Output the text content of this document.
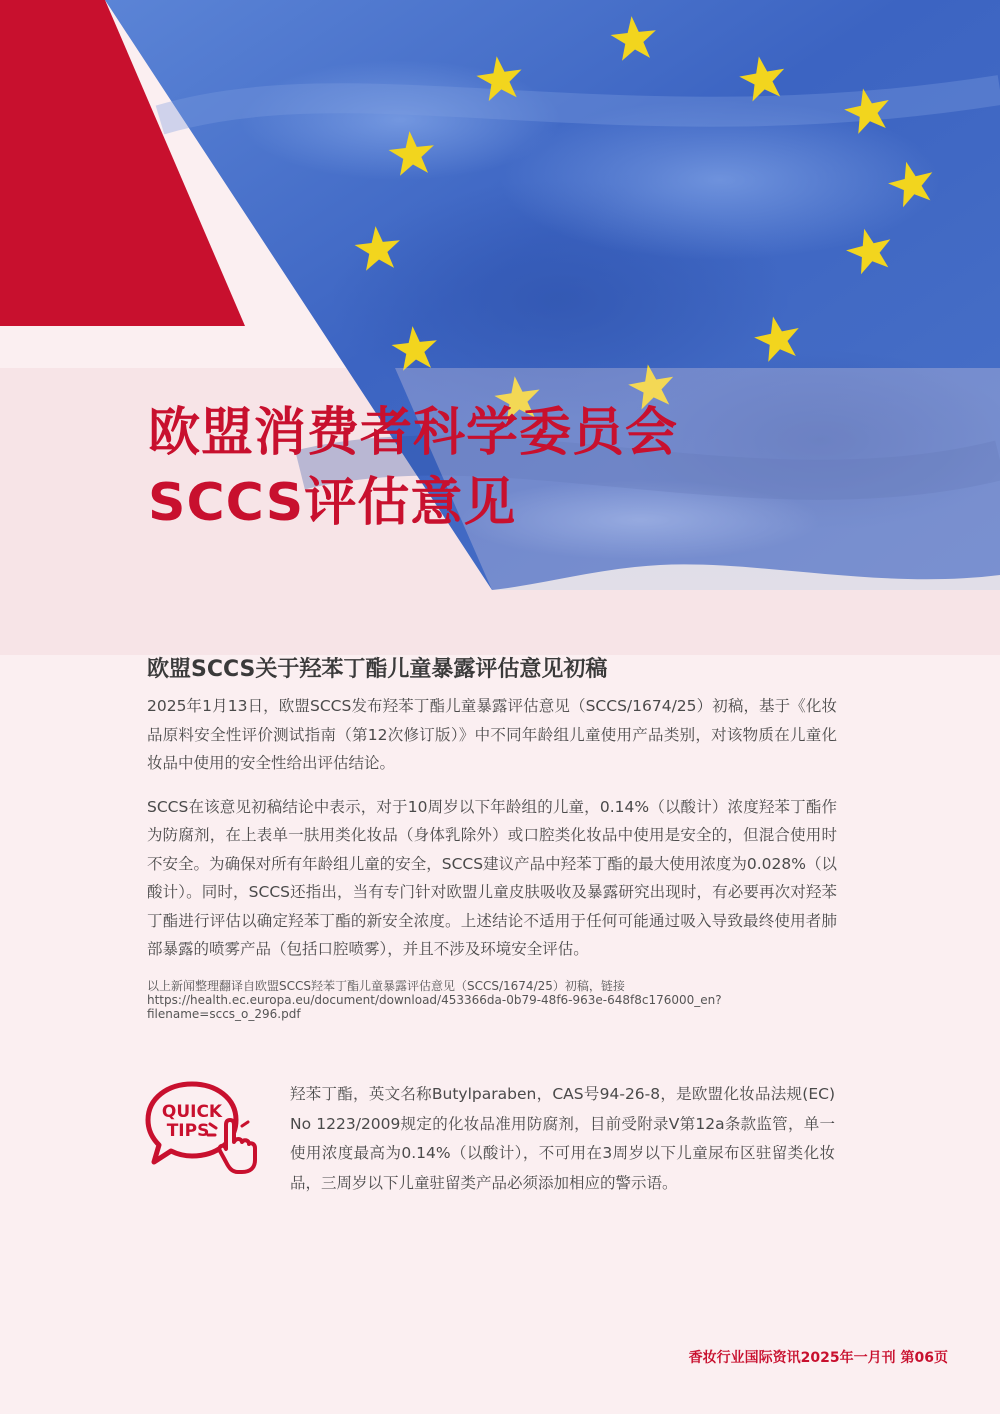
欧盟消费者科学委员会
SCCS评估意见
欧盟SCCS关于羟苯丁酯儿童暴露评估意见初稿

2025年1月13日，欧盟SCCS发布羟苯丁酯儿童暴露评估意见（SCCS/1674/25）初稿，基于《化妆品原料安全性评价测试指南（第12次修订版）》中不同年龄组儿童使用产品类别，对该物质在儿童化妆品中使用的安全性给出评估结论。

SCCS在该意见初稿结论中表示，对于10周岁以下年龄组的儿童，0.14%（以酸计）浓度羟苯丁酯作为防腐剂，在上表单一肤用类化妆品（身体乳除外）或口腔类化妆品中使用是安全的，但混合使用时不安全。为确保对所有年龄组儿童的安全，SCCS建议产品中羟苯丁酯的最大使用浓度为0.028%（以酸计）。同时，SCCS还指出，当有专门针对欧盟儿童皮肤吸收及暴露研究出现时，有必要再次对羟苯丁酯进行评估以确定羟苯丁酯的新安全浓度。上述结论不适用于任何可能通过吸入导致最终使用者肺部暴露的喷雾产品（包括口腔喷雾），并且不涉及环境安全评估。

以上新闻整理翻译自欧盟SCCS羟苯丁酯儿童暴露评估意见（SCCS/1674/25）初稿，链接
https://health.ec.europa.eu/document/download/453366da-0b79-48f6-963e-648f8c176000_en?
filename=sccs_o_296.pdf
QUICK
TIPS

羟苯丁酯，英文名称Butylparaben，CAS号94-26-8，是欧盟化妆品法规(EC) No 1223/2009规定的化妆品准用防腐剂，目前受附录V第12a条款监管，单一使用浓度最高为0.14%（以酸计），不可用在3周岁以下儿童尿布区驻留类化妆品，三周岁以下儿童驻留类产品必须添加相应的警示语。

香妆行业国际资讯2025年一月刊 第06页
